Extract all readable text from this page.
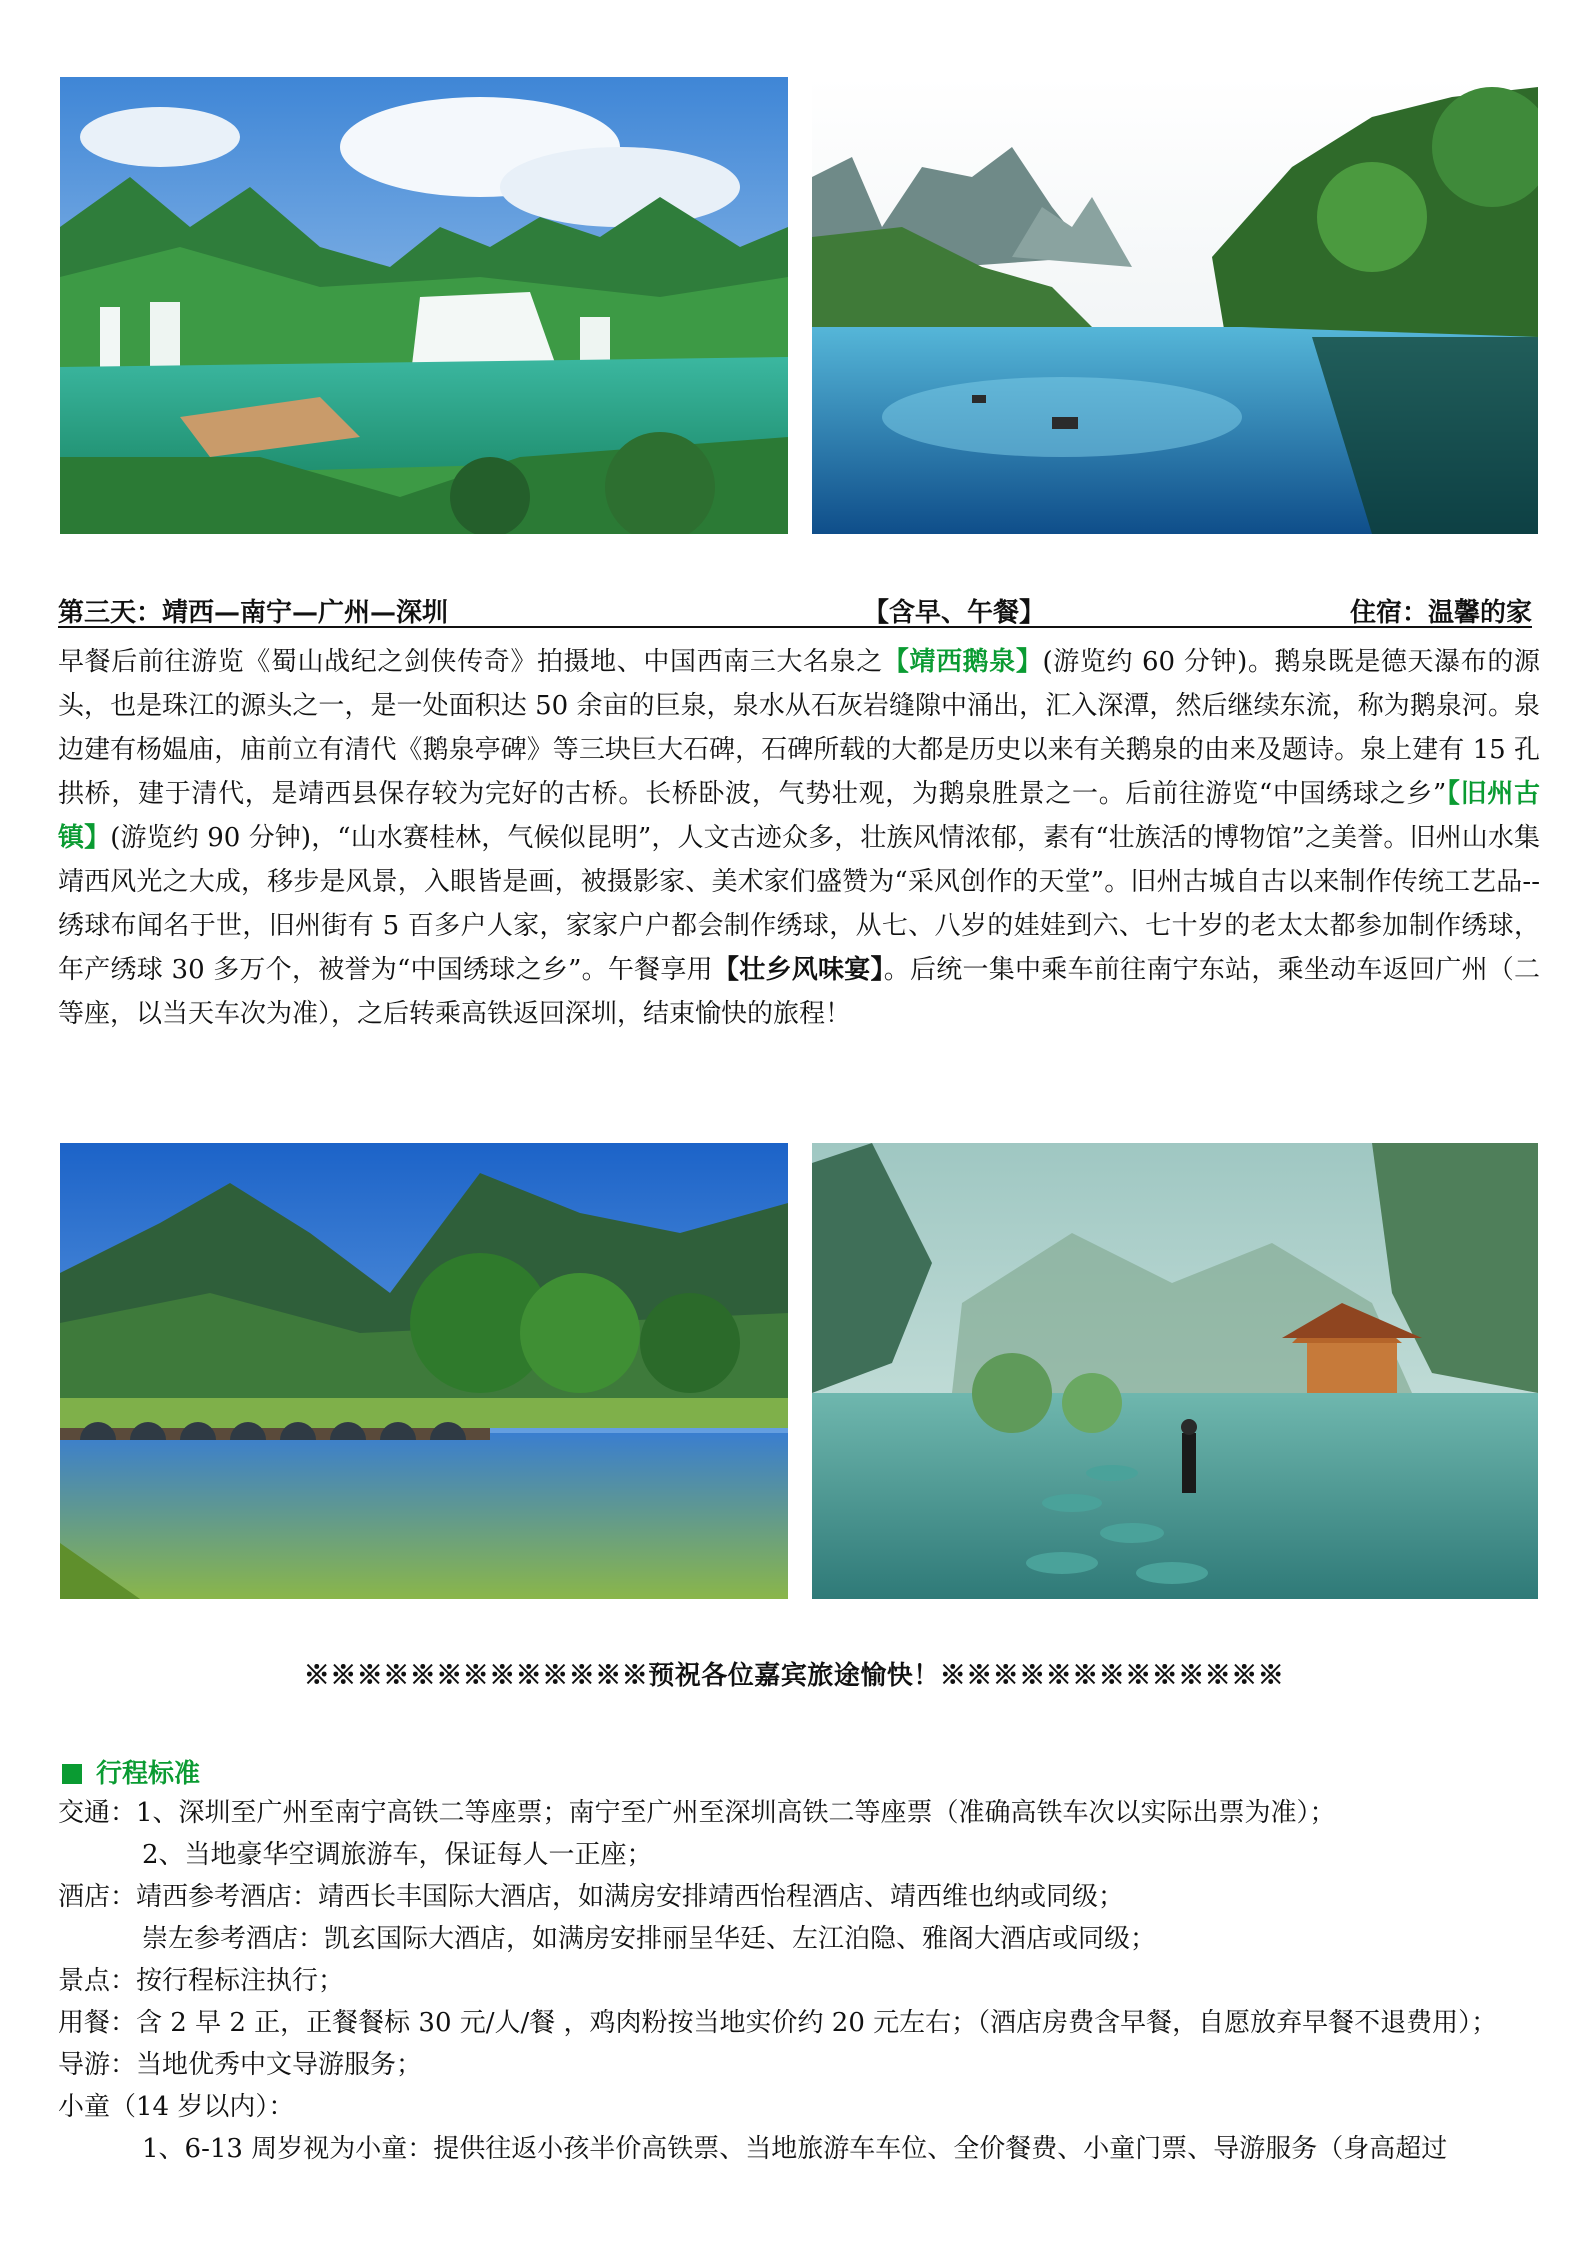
第三天：靖西—南宁—广州—深圳	【含早、午餐】	住宿：温馨的家
早餐后前往游览《蜀山战纪之剑侠传奇》拍摄地、中国西南三大名泉之【靖西鹅泉】(游览约 60 分钟)。鹅泉既是德天瀑布的源头，也是珠江的源头之一，是一处面积达 50 余亩的巨泉，泉水从石灰岩缝隙中涌出，汇入深潭，然后继续东流，称为鹅泉河。泉边建有杨媪庙，庙前立有清代《鹅泉亭碑》等三块巨大石碑，石碑所载的大都是历史以来有关鹅泉的由来及题诗。泉上建有 15 孔拱桥，建于清代，是靖西县保存较为完好的古桥。长桥卧波，气势壮观，为鹅泉胜景之一。后前往游览“中国绣球之乡”【旧州古镇】(游览约 90 分钟)，“山水赛桂林，气候似昆明”，人文古迹众多，壮族风情浓郁，素有“壮族活的博物馆”之美誉。旧州山水集靖西风光之大成，移步是风景，入眼皆是画，被摄影家、美术家们盛赞为“采风创作的天堂”。旧州古城自古以来制作传统工艺品--绣球布闻名于世，旧州街有 5 百多户人家，家家户户都会制作绣球，从七、八岁的娃娃到六、七十岁的老太太都参加制作绣球，年产绣球 30 多万个，被誉为“中国绣球之乡”。午餐享用【壮乡风味宴】。后统一集中乘车前往南宁东站，乘坐动车返回广州（二等座，以当天车次为准），之后转乘高铁返回深圳，结束愉快的旅程！
※※※※※※※※※※※※※预祝各位嘉宾旅途愉快！※※※※※※※※※※※※※
行程标准
交通：1、深圳至广州至南宁高铁二等座票；南宁至广州至深圳高铁二等座票（准确高铁车次以实际出票为准）；
2、当地豪华空调旅游车，保证每人一正座；
酒店：靖西参考酒店：靖西长丰国际大酒店，如满房安排靖西怡程酒店、靖西维也纳或同级；
崇左参考酒店：凯玄国际大酒店，如满房安排丽呈华廷、左江泊隐、雅阁大酒店或同级；
景点：按行程标注执行；
用餐：含 2 早 2 正，正餐餐标 30 元/人/餐 ，鸡肉粉按当地实价约 20 元左右；（酒店房费含早餐，自愿放弃早餐不退费用）；
导游：当地优秀中文导游服务；
小童（14 岁以内）：
1、6-13 周岁视为小童：提供往返小孩半价高铁票、当地旅游车车位、全价餐费、小童门票、导游服务（身高超过
